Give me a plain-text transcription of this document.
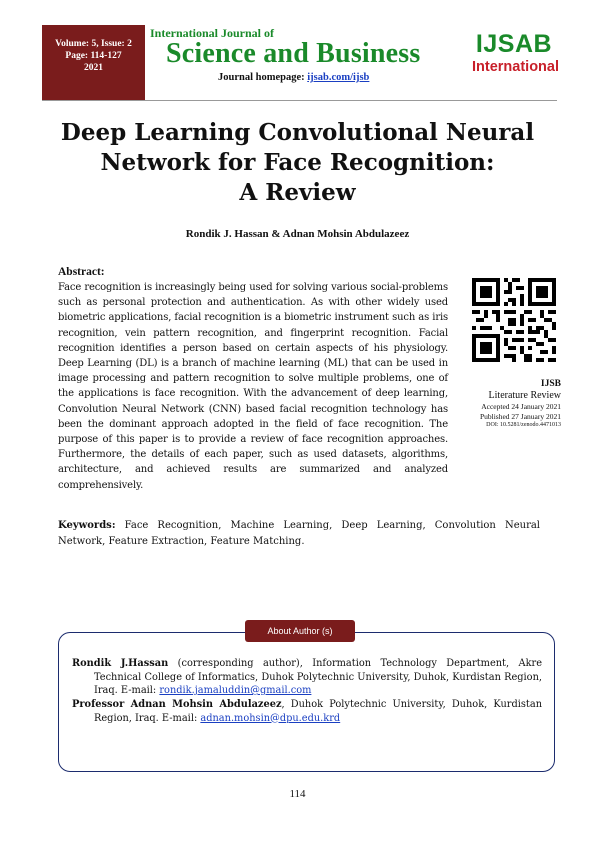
Volume: 5, Issue: 2
Page: 114-127
2021
International Journal of
Science and Business
Journal homepage: ijsab.com/ijsb
IJSAB
International
Deep Learning Convolutional Neural
Network for Face Recognition:
A Review
Rondik J. Hassan & Adnan Mohsin Abdulazeez
Abstract:
Face recognition is increasingly being used for solving various social-problems such as personal protection and authentication. As with other widely used biometric applications, facial recognition is a biometric instrument such as iris recognition, vein pattern recognition, and fingerprint recognition. Facial recognition identifies a person based on certain aspects of his physiology. Deep Learning (DL) is a branch of machine learning (ML) that can be used in image processing and pattern recognition to solve multiple problems, one of the applications is face recognition. With the advancement of deep learning, Convolution Neural Network (CNN) based facial recognition technology has been the dominant approach adopted in the field of face recognition. The purpose of this paper is to provide a review of face recognition approaches. Furthermore, the details of each paper, such as used datasets, algorithms, architecture, and achieved results are summarized and analyzed comprehensively.
IJSB
Literature Review
Accepted 24 January 2021
Published 27 January 2021
DOI: 10.5281/zenodo.4471013
Keywords: Face Recognition, Machine Learning, Deep Learning, Convolution Neural Network, Feature Extraction, Feature Matching.
About Author (s)
Rondik J.Hassan (corresponding author), Information Technology Department, Akre Technical College of Informatics, Duhok Polytechnic University, Duhok, Kurdistan Region, Iraq. E-mail: rondik.jamaluddin@gmail.com
Professor Adnan Mohsin Abdulazeez, Duhok Polytechnic University, Duhok, Kurdistan Region, Iraq. E-mail: adnan.mohsin@dpu.edu.krd
114
